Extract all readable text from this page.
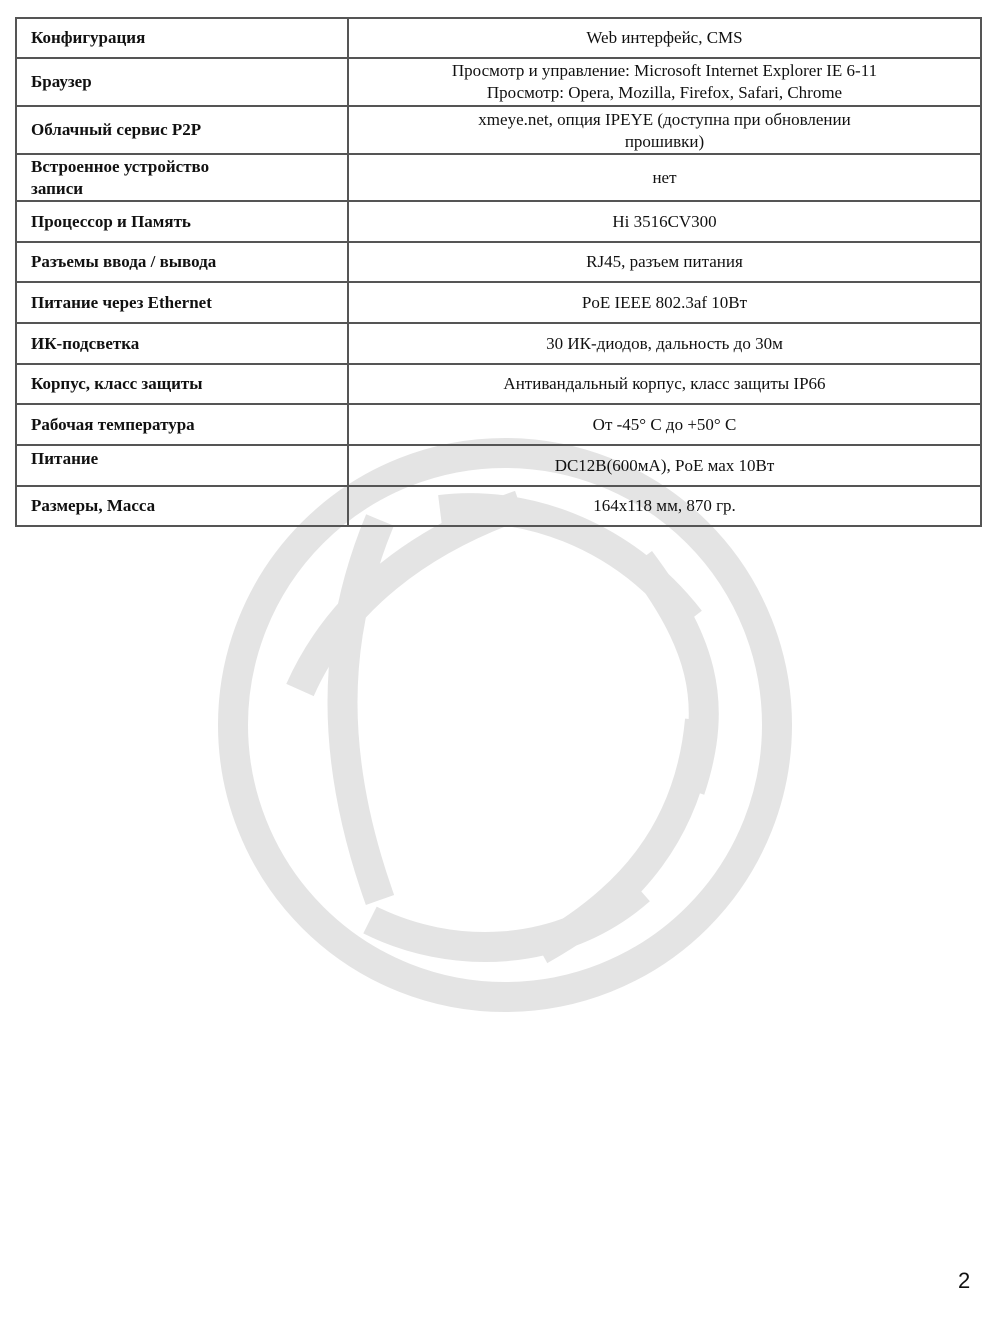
Конфигурация	Web интерфейс, CMS
Браузер	Просмотр и управление: Microsoft Internet Explorer IE 6-11
Просмотр: Opera, Mozilla, Firefox, Safari, Chrome

Облачный сервис P2P	xmeye.net, опция IPEYE (доступна при обновлении
прошивки)

Встроенное устройство
записи	нет
Процессор и Память	Hi 3516CV300
Разъемы ввода / вывода	RJ45, разъем питания
Питание через Ethernet	PoE IEEE 802.3af 10Вт
ИК-подсветка	30 ИК-диодов, дальность до 30м
Корпус, класс защиты	Антивандальный корпус, класс защиты IP66
Рабочая температура	От -45° С до +50° С
Питание	DC12В(600мА), PoE мах 10Вт
Размеры, Масса	164х118 мм, 870 гр.
2
